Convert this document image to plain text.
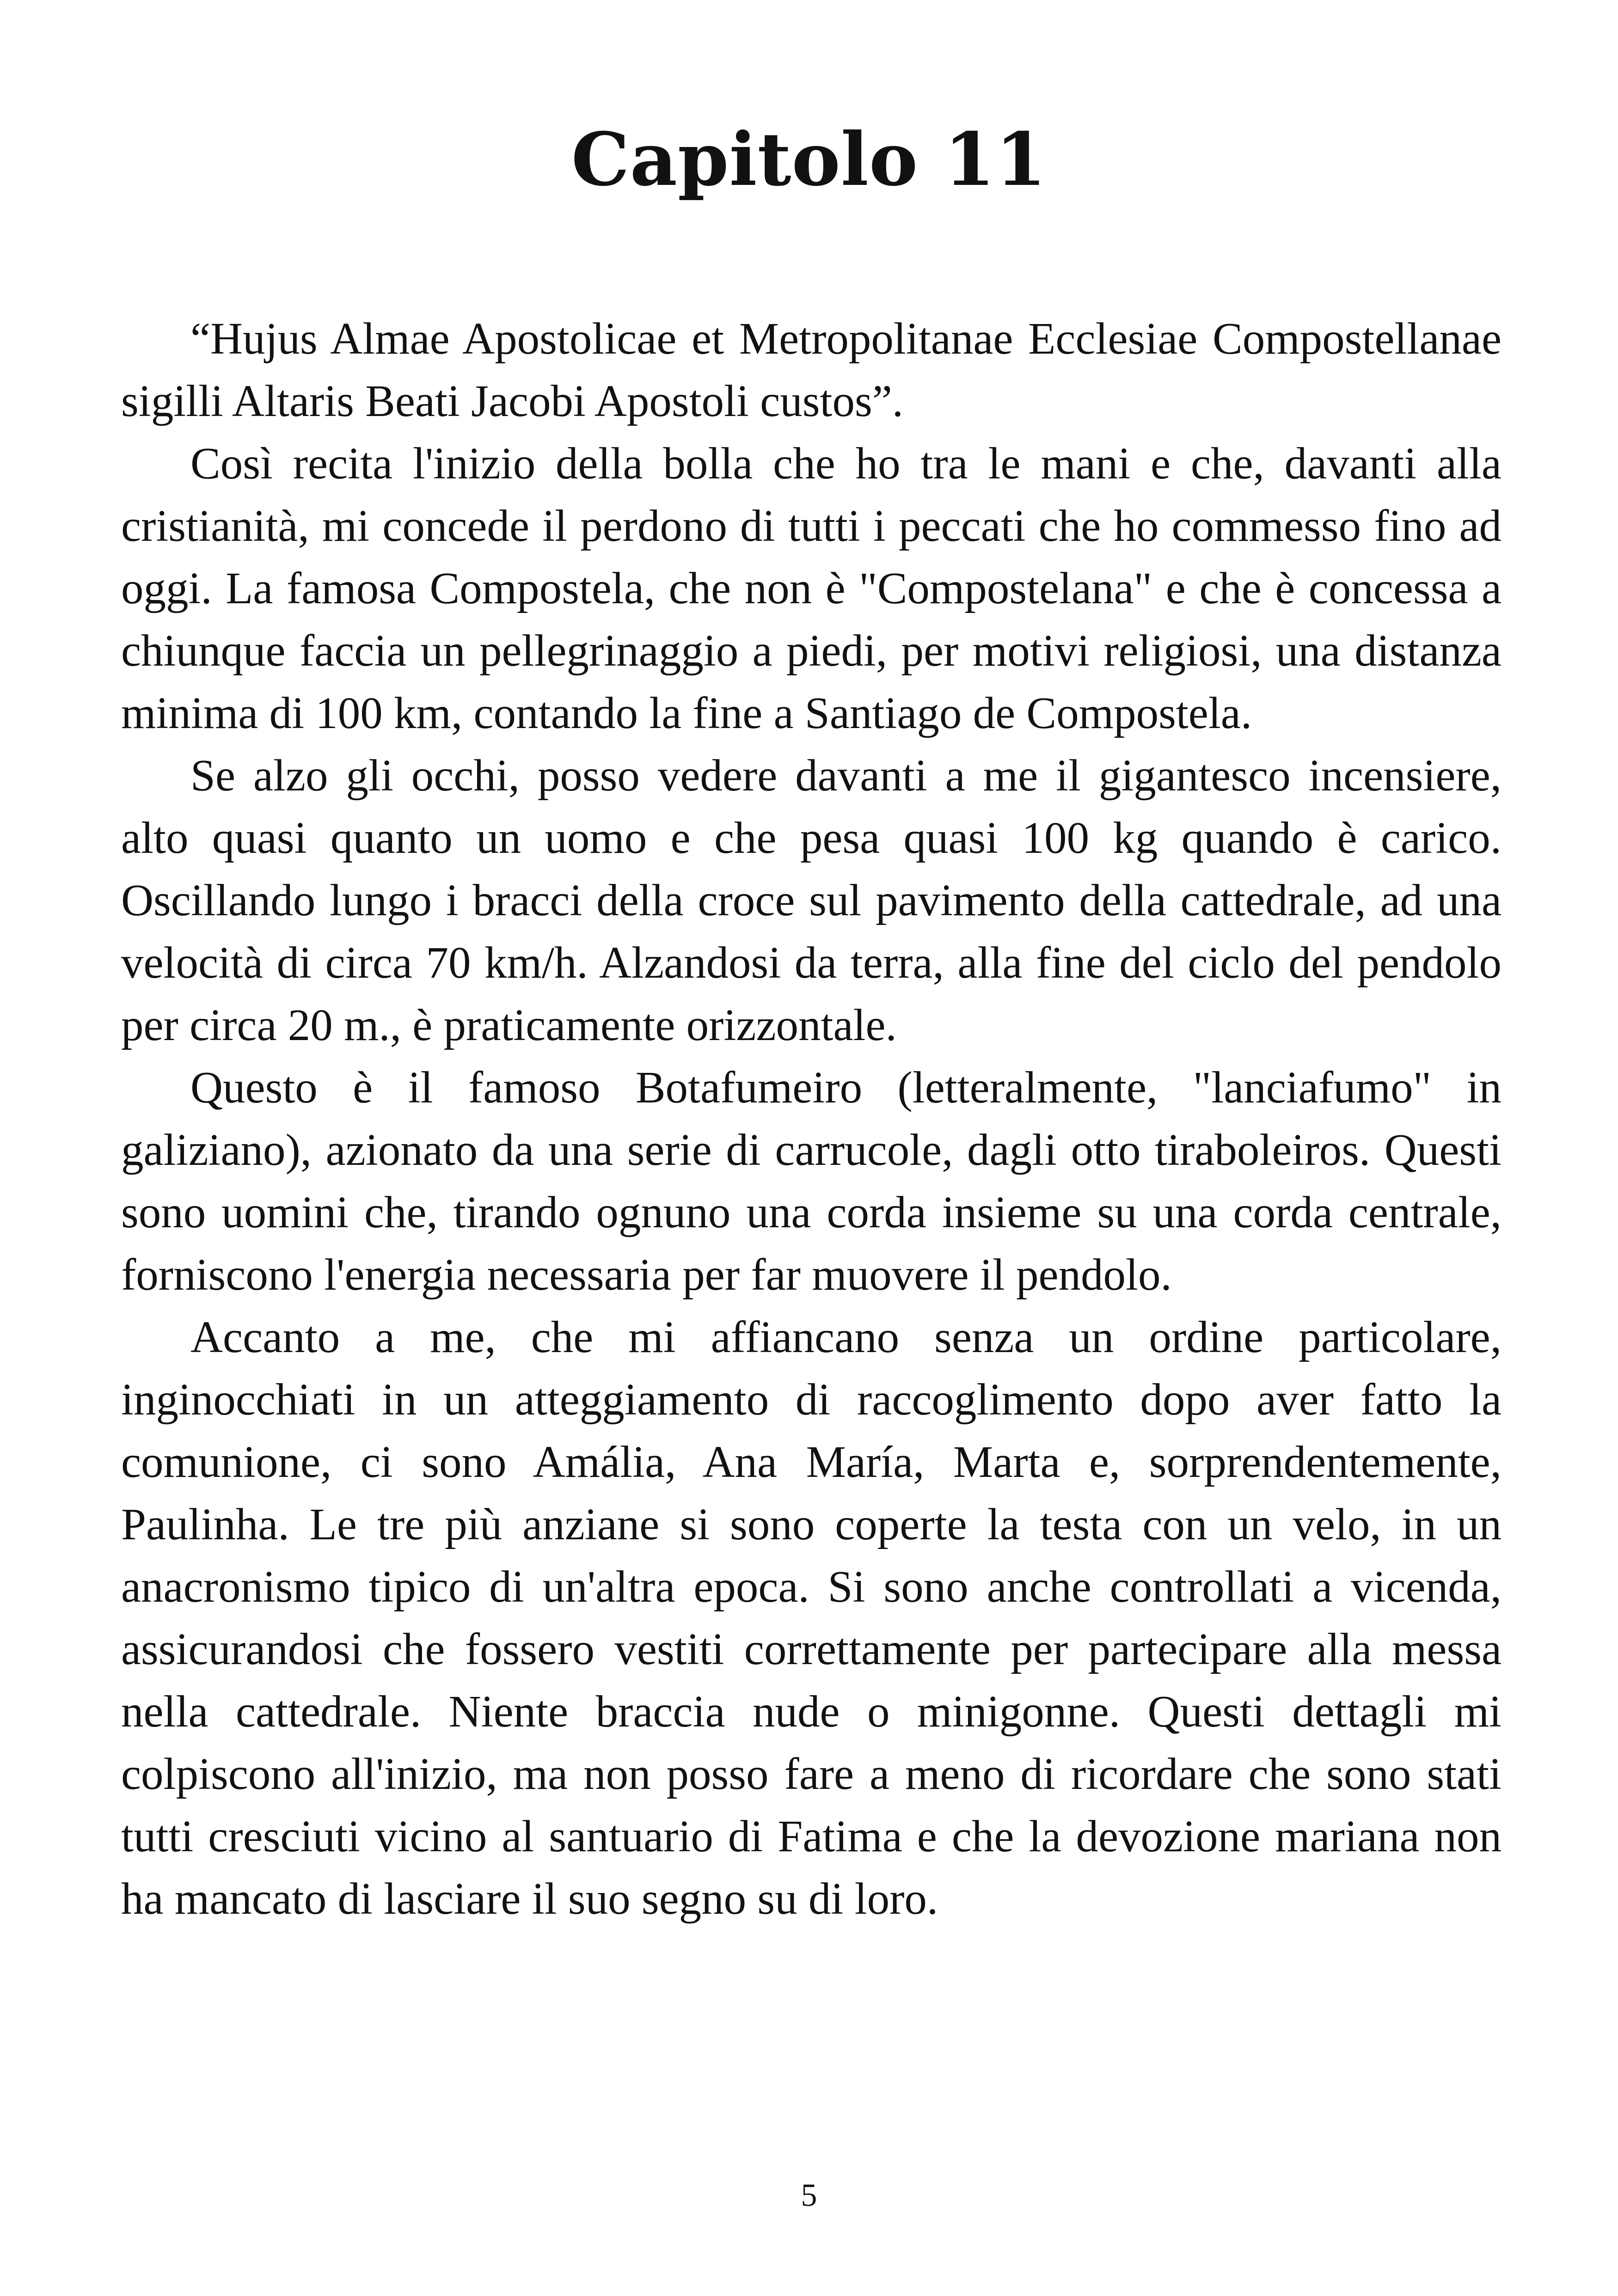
Capitolo 11

“Hujus Almae Apostolicae et Metropolitanae Ecclesiae Compostellanae sigilli Altaris Beati Jacobi Apostoli custos”.

Così recita l'inizio della bolla che ho tra le mani e che, davanti alla cristianità, mi concede il perdono di tutti i peccati che ho commesso fino ad oggi. La famosa Compostela, che non è "Compostelana" e che è concessa a chiunque faccia un pellegrinaggio a piedi, per motivi religiosi, una distanza minima di 100 km, contando la fine a Santiago de Compostela.

Se alzo gli occhi, posso vedere davanti a me il gigantesco incensiere, alto quasi quanto un uomo e che pesa quasi 100 kg quando è carico. Oscillando lungo i bracci della croce sul pavimento della cattedrale, ad una velocità di circa 70 km/h. Alzandosi da terra, alla fine del ciclo del pendolo per circa 20 m., è praticamente orizzontale.

Questo è il famoso Botafumeiro (letteralmente, "lanciafumo" in galiziano), azionato da una serie di carrucole, dagli otto tiraboleiros. Questi sono uomini che, tirando ognuno una corda insieme su una corda centrale, forniscono l'energia necessaria per far muovere il pendolo.

Accanto a me, che mi affiancano senza un ordine particolare, inginocchiati in un atteggiamento di raccoglimento dopo aver fatto la comunione, ci sono Amália, Ana María, Marta e, sorprendentemente, Paulinha. Le tre più anziane si sono coperte la testa con un velo, in un anacronismo tipico di un'altra epoca. Si sono anche controllati a vicenda, assicurandosi che fossero vestiti correttamente per partecipare alla messa nella cattedrale. Niente braccia nude o minigonne. Questi dettagli mi colpiscono all'inizio, ma non posso fare a meno di ricordare che sono stati tutti cresciuti vicino al santuario di Fatima e che la devozione mariana non ha mancato di lasciare il suo segno su di loro.

5
